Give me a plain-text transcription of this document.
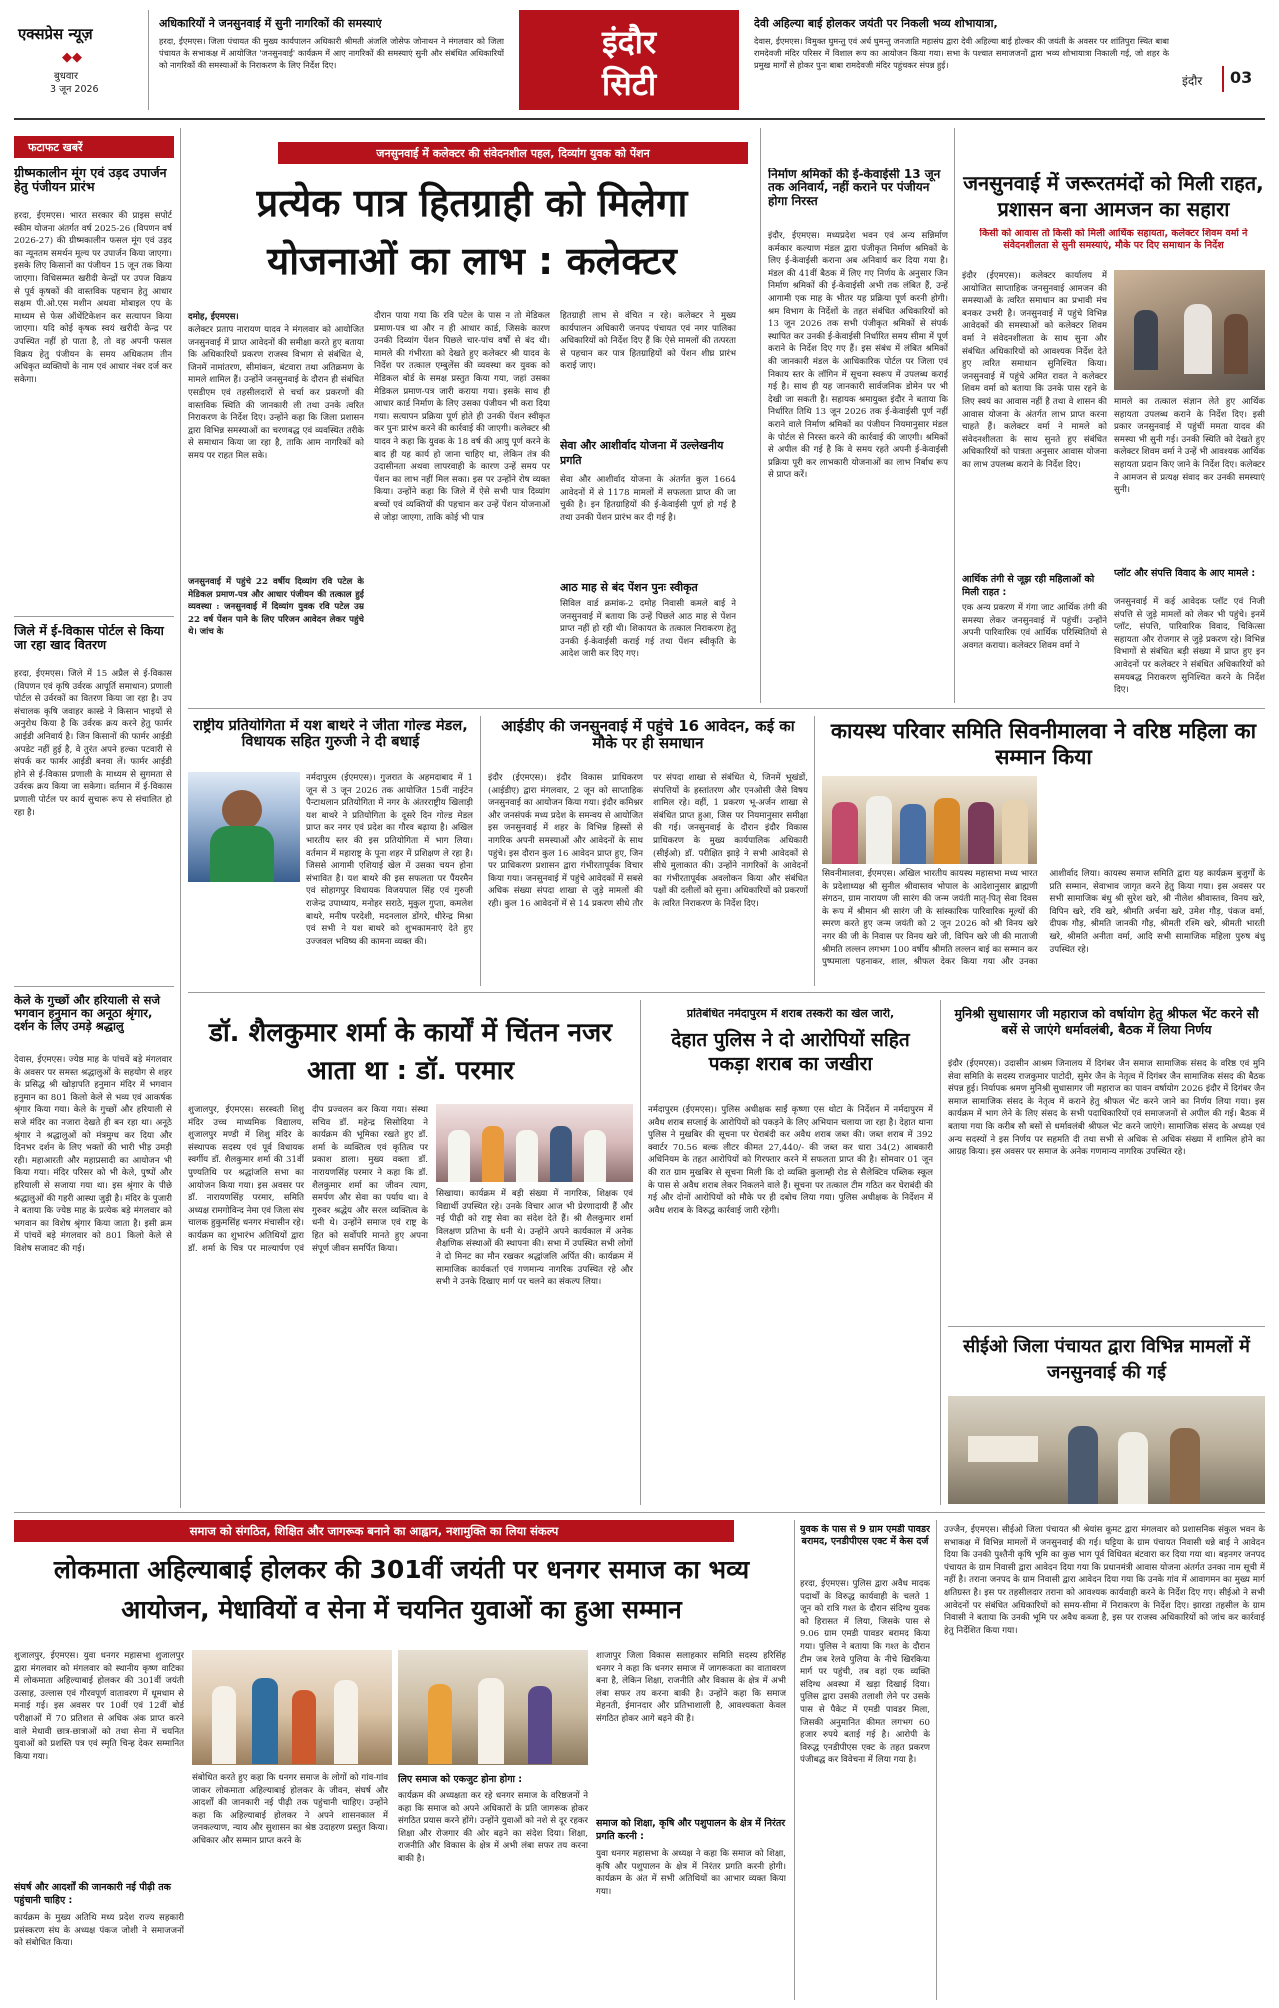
एक्सप्रेस न्यूज़
◆◆
बुधवार
3 जून 2026
अधिकारियों ने जनसुनवाई में सुनी नागरिकों की समस्याएं
हरदा, ईएमएस। जिला पंचायत की मुख्य कार्यपालन अधिकारी श्रीमती अंजलि जोसेफ जोनाथन ने मंगलवार को जिला पंचायत के सभाकक्ष में आयोजित 'जनसुनवाई' कार्यक्रम में आए नागरिकों की समस्याएं सुनी और संबंधित अधिकारियों को नागरिकों की समस्याओं के निराकरण के लिए निर्देश दिए।
इंदौर
सिटी
देवी अहिल्या बाई होलकर जयंती पर निकली भव्य शोभायात्रा,
देवास, ईएमएस। विमुक्त घुमन्तु एवं अर्ध घुमन्तु जनजाति महासंघ द्वारा देवी अहिल्या बाई होल्कर की जयंती के अवसर पर शांतिपुरा स्थित बाबा रामदेवजी मंदिर परिसर में विशाल रूप का आयोजन किया गया। सभा के पश्चात समाजजनों द्वारा भव्य शोभायात्रा निकाली गई, जो शहर के प्रमुख मार्गों से होकर पुनः बाबा रामदेवजी मंदिर पहुंचकर संपन्न हुई।
इंदौर 03
फटाफट खबरें
ग्रीष्मकालीन मूंग एवं उड़द उपार्जन हेतु पंजीयन प्रारंभ
हरदा, ईएमएस। भारत सरकार की प्राइस सपोर्ट स्कीम योजना अंतर्गत वर्ष 2025-26 (विपणन वर्ष 2026-27) की ग्रीष्मकालीन फसल मूंग एवं उड़द का न्यूनतम समर्थन मूल्य पर उपार्जन किया जाएगा। इसके लिए किसानों का पंजीयन 15 जून तक किया जाएगा। विधिसम्मत खरीदी केन्द्रों पर उपज विक्रय से पूर्व कृषकों की वास्तविक पहचान हेतु आधार सक्षम पी.ओ.एस मशीन अथवा मोबाइल एप के माध्यम से फेस ऑथेंटिकेशन कर सत्यापन किया जाएगा। यदि कोई कृषक स्वयं खरीदी केन्द्र पर उपस्थित नहीं हो पाता है, तो वह अपनी फसल विक्रय हेतु पंजीयन के समय अधिकतम तीन अधिकृत व्यक्तियों के नाम एवं आधार नंबर दर्ज कर सकेगा।
जिले में ई-विकास पोर्टल से किया जा रहा खाद वितरण
हरदा, ईएमएस। जिले में 15 अप्रैल से ई-विकास (विपणन एवं कृषि उर्वरक आपूर्ति समाधान) प्रणाली पोर्टल से उर्वरकों का वितरण किया जा रहा है। उप संचालक कृषि जवाहर कास्डे ने किसान भाइयों से अनुरोध किया है कि उर्वरक क्रय करने हेतु फार्मर आईडी अनिवार्य है। जिन किसानों की फार्मर आईडी अपडेट नहीं हुई है, वे तुरंत अपने हल्का पटवारी से संपर्क कर फार्मर आईडी बनवा लें। फार्मर आईडी होने से ई-विकास प्रणाली के माध्यम से सुगमता से उर्वरक क्रय किया जा सकेगा। वर्तमान में ई-विकास प्रणाली पोर्टल पर कार्य सुचारू रूप से संचालित हो रहा है।
केले के गुच्छों और हरियाली से सजे भगवान हनुमान का अनूठा श्रृंगार, दर्शन के लिए उमड़े श्रद्धालु
देवास, ईएमएस। ज्येष्ठ माह के पांचवें बड़े मंगलवार के अवसर पर समस्त श्रद्धालुओं के सहयोग से शहर के प्रसिद्ध श्री खोड़ापति हनुमान मंदिर में भगवान हनुमान का 801 किलो केले से भव्य एवं आकर्षक श्रृंगार किया गया। केले के गुच्छों और हरियाली से सजे मंदिर का नजारा देखते ही बन रहा था। अनूठे श्रृंगार ने श्रद्धालुओं को मंत्रमुग्ध कर दिया और दिनभर दर्शन के लिए भक्तों की भारी भीड़ उमड़ी रही। महाआरती और महाप्रसादी का आयोजन भी किया गया। मंदिर परिसर को भी केले, पुष्पों और हरियाली से सजाया गया था। इस श्रृंगार के पीछे श्रद्धालुओं की गहरी आस्था जुड़ी है। मंदिर के पुजारी ने बताया कि ज्येष्ठ माह के प्रत्येक बड़े मंगलवार को भगवान का विशेष श्रृंगार किया जाता है। इसी क्रम में पांचवें बड़े मंगलवार को 801 किलो केले से विशेष सजावट की गई।
जनसुनवाई में कलेक्टर की संवेदनशील पहल, दिव्यांग युवक को पेंशन
प्रत्येक पात्र हितग्राही को मिलेगा योजनाओं का लाभ : कलेक्टर
दमोह, ईएमएस।
कलेक्टर प्रताप नारायण यादव ने मंगलवार को आयोजित जनसुनवाई में प्राप्त आवेदनों की समीक्षा करते हुए बताया कि अधिकारियों प्रकरण राजस्व विभाग से संबंधित थे, जिनमें नामांतरण, सीमांकन, बंटवारा तथा अतिक्रमण के मामले शामिल हैं। उन्होंने जनसुनवाई के दौरान ही संबंधित एसडीएम एवं तहसीलदारों से चर्चा कर प्रकरणों की वास्तविक स्थिति की जानकारी ली तथा उनके त्वरित निराकरण के निर्देश दिए। उन्होंने कहा कि जिला प्रशासन द्वारा विभिन्न समस्याओं का चरणबद्ध एवं व्यवस्थित तरीके से समाधान किया जा रहा है, ताकि आम नागरिकों को समय पर राहत मिल सके।
जनसुनवाई में पहुंचे 22 वर्षीय दिव्यांग रवि पटेल के मेडिकल प्रमाण-पत्र और आधार पंजीयन की तत्काल हुई व्यवस्था : जनसुनवाई में दिव्यांग युवक रवि पटेल उम्र 22 वर्ष पेंशन पाने के लिए परिजन आवेदन लेकर पहुंचे थे। जांच के
दौरान पाया गया कि रवि पटेल के पास न तो मेडिकल प्रमाण-पत्र था और न ही आधार कार्ड, जिसके कारण उनकी दिव्यांग पेंशन पिछले चार-पांच वर्षों से बंद थी। मामले की गंभीरता को देखते हुए कलेक्टर श्री यादव के निर्देश पर तत्काल एम्बुलेंस की व्यवस्था कर युवक को मेडिकल बोर्ड के समक्ष प्रस्तुत किया गया, जहां उसका मेडिकल प्रमाण-पत्र जारी कराया गया। इसके साथ ही आधार कार्ड निर्माण के लिए उसका पंजीयन भी करा दिया गया। सत्यापन प्रक्रिया पूर्ण होते ही उनकी पेंशन स्वीकृत कर पुनः प्रारंभ करने की कार्रवाई की जाएगी। कलेक्टर श्री यादव ने कहा कि युवक के 18 वर्ष की आयु पूर्ण करने के बाद ही यह कार्य हो जाना चाहिए था, लेकिन तंत्र की उदासीनता अथवा लापरवाही के कारण उन्हें समय पर पेंशन का लाभ नहीं मिल सका। इस पर उन्होंने रोष व्यक्त किया। उन्होंने कहा कि जिले में ऐसे सभी पात्र दिव्यांग बच्चों एवं व्यक्तियों की पहचान कर उन्हें पेंशन योजनाओं से जोड़ा जाएगा, ताकि कोई भी पात्र
हितग्राही लाभ से वंचित न रहे। कलेक्टर ने मुख्य कार्यपालन अधिकारी जनपद पंचायत एवं नगर पालिका अधिकारियों को निर्देश दिए हैं कि ऐसे मामलों की तत्परता से पहचान कर पात्र हितग्राहियों को पेंशन शीघ्र प्रारंभ कराई जाए।
सेवा और आशीर्वाद योजना में उल्लेखनीय प्रगति
सेवा और आशीर्वाद योजना के अंतर्गत कुल 1664 आवेदनों में से 1178 मामलों में सफलता प्राप्त की जा चुकी है। इन हितग्राहियों की ई-केवाईसी पूर्ण हो गई है तथा उनकी पेंशन प्रारंभ कर दी गई है।
आठ माह से बंद पेंशन पुनः स्वीकृत
सिविल वार्ड क्रमांक-2 दमोह निवासी कमले बाई ने जनसुनवाई में बताया कि उन्हें पिछले आठ माह से पेंशन प्राप्त नहीं हो रही थी। शिकायत के तत्काल निराकरण हेतु उनकी ई-केवाईसी कराई गई तथा पेंशन स्वीकृति के आदेश जारी कर दिए गए।
निर्माण श्रमिकों की ई-केवाईसी 13 जून तक अनिवार्य, नहीं कराने पर पंजीयन होगा निरस्त
इंदौर, ईएमएस। मध्यप्रदेश भवन एवं अन्य सन्निर्माण कर्मकार कल्याण मंडल द्वारा पंजीकृत निर्माण श्रमिकों के लिए ई-केवाईसी कराना अब अनिवार्य कर दिया गया है। मंडल की 41वीं बैठक में लिए गए निर्णय के अनुसार जिन निर्माण श्रमिकों की ई-केवाईसी अभी तक लंबित हैं, उन्हें आगामी एक माह के भीतर यह प्रक्रिया पूर्ण करनी होगी। श्रम विभाग के निर्देशों के तहत संबंधित अधिकारियों को 13 जून 2026 तक सभी पंजीकृत श्रमिकों से संपर्क स्थापित कर उनकी ई-केवाईसी निर्धारित समय सीमा में पूर्ण कराने के निर्देश दिए गए हैं। इस संबंध में लंबित श्रमिकों की जानकारी मंडल के आधिकारिक पोर्टल पर जिला एवं निकाय स्तर के लॉगिन में सूचना स्वरूप में उपलब्ध कराई गई है। साथ ही यह जानकारी सार्वजनिक डोमेन पर भी देखी जा सकती है। सहायक श्रमायुक्त इंदौर ने बताया कि निर्धारित तिथि 13 जून 2026 तक ई-केवाईसी पूर्ण नहीं कराने वाले निर्माण श्रमिकों का पंजीयन नियमानुसार मंडल के पोर्टल से निरस्त करने की कार्रवाई की जाएगी। श्रमिकों से अपील की गई है कि वे समय रहते अपनी ई-केवाईसी प्रक्रिया पूरी कर लाभकारी योजनाओं का लाभ निर्बाध रूप से प्राप्त करें।
जनसुनवाई में जरूरतमंदों को मिली राहत, प्रशासन बना आमजन का सहारा
किसी को आवास तो किसी को मिली आर्थिक सहायता, कलेक्टर शिवम वर्मा ने संवेदनशीलता से सुनी समस्याएं, मौके पर दिए समाधान के निर्देश
इंदौर (ईएमएस)। कलेक्टर कार्यालय में आयोजित साप्ताहिक जनसुनवाई आमजन की समस्याओं के त्वरित समाधान का प्रभावी मंच बनकर उभरी है। जनसुनवाई में पहुंचे विभिन्न आवेदकों की समस्याओं को कलेक्टर शिवम वर्मा ने संवेदनशीलता के साथ सुना और संबंधित अधिकारियों को आवश्यक निर्देश देते हुए त्वरित समाधान सुनिश्चित किया। जनसुनवाई में पहुंचे अमित रावत ने कलेक्टर शिवम वर्मा को बताया कि उनके पास रहने के लिए स्वयं का आवास नहीं है तथा वे शासन की आवास योजना के अंतर्गत लाभ प्राप्त करना चाहते हैं। कलेक्टर वर्मा ने मामले को संवेदनशीलता के साथ सुनते हुए संबंधित अधिकारियों को पात्रता अनुसार आवास योजना का लाभ उपलब्ध कराने के निर्देश दिए।
आर्थिक तंगी से जूझ रही महिलाओं को मिली राहत :
एक अन्य प्रकरण में गंगा जाट आर्थिक तंगी की समस्या लेकर जनसुनवाई में पहुंचीं। उन्होंने अपनी पारिवारिक एवं आर्थिक परिस्थितियों से अवगत कराया। कलेक्टर शिवम वर्मा ने
मामले का तत्काल संज्ञान लेते हुए आर्थिक सहायता उपलब्ध कराने के निर्देश दिए। इसी प्रकार जनसुनवाई में पहुंचीं ममता यादव की समस्या भी सुनी गई। उनकी स्थिति को देखते हुए कलेक्टर शिवम वर्मा ने उन्हें भी आवश्यक आर्थिक सहायता प्रदान किए जाने के निर्देश दिए। कलेक्टर ने आमजन से प्रत्यक्ष संवाद कर उनकी समस्याएं सुनी।
प्लॉट और संपत्ति विवाद के आए मामले :
जनसुनवाई में कई आवेदक प्लॉट एवं निजी संपत्ति से जुड़े मामलों को लेकर भी पहुंचे। इनमें प्लॉट, संपत्ति, पारिवारिक विवाद, चिकित्सा सहायता और रोजगार से जुड़े प्रकरण रहे। विभिन्न विभागों से संबंधित बड़ी संख्या में प्राप्त हुए इन आवेदनों पर कलेक्टर ने संबंधित अधिकारियों को समयबद्ध निराकरण सुनिश्चित करने के निर्देश दिए।
राष्ट्रीय प्रतियोगिता में यश बाथरे ने जीता गोल्ड मेडल, विधायक सहित गुरुजी ने दी बधाई
नर्मदापुरम (ईएमएस)। गुजरात के अहमदाबाद में 1 जून से 3 जून 2026 तक आयोजित 15वीं नाईटेन पैन्टाथलान प्रतियोगिता में नगर के अंतरराष्ट्रीय खिलाड़ी यश बाथरे ने प्रतियोगिता के दूसरे दिन गोल्ड मेडल प्राप्त कर नगर एवं प्रदेश का गौरव बढ़ाया है। अखिल भारतीय स्तर की इस प्रतियोगिता में भाग लिया। वर्तमान में महाराष्ट्र के पूना शहर में प्रशिक्षण ले रहा है। जिससे आगामी एशियाई खेल में उसका चयन होना संभावित है। यश बाथरे की इस सफलता पर पैंयरमैन एवं सोहागपुर विधायक विजयपाल सिंह एवं गुरुजी राजेन्द्र उपाध्याय, मनोहर सराठे, मुकुल गुप्ता, कमलेश बाथरे, मनीष परदेशी, मदनलाल डोंगरे, धीरेन्द्र मिश्रा एवं सभी ने यश बाथरे को शुभकामनाएं देते हुए उज्जवल भविष्य की कामना व्यक्त की।
आईडीए की जनसुनवाई में पहुंचे 16 आवेदन, कई का मौके पर ही समाधान
इंदौर (ईएमएस)। इंदौर विकास प्राधिकरण (आईडीए) द्वारा मंगलवार, 2 जून को साप्ताहिक जनसुनवाई का आयोजन किया गया। इंदौर कमिश्नर और जनसंपर्क मध्य प्रदेश के समन्वय से आयोजित इस जनसुनवाई में शहर के विभिन्न हिस्सों से नागरिक अपनी समस्याओं और आवेदनों के साथ पहुंचे। इस दौरान कुल 16 आवेदन प्राप्त हुए, जिन पर प्राधिकरण प्रशासन द्वारा गंभीरतापूर्वक विचार किया गया। जनसुनवाई में पहुंचे आवेदकों में सबसे अधिक संख्या संपदा शाखा से जुड़े मामलों की रही। कुल 16 आवेदनों में से 14 प्रकरण सीधे तौर पर संपदा शाखा से संबंधित थे, जिनमें भूखंडों, संपत्तियों के हस्तांतरण और एनओसी जैसे विषय शामिल रहे। वहीं, 1 प्रकरण भू-अर्जन शाखा से संबंधित प्राप्त हुआ, जिस पर नियमानुसार समीक्षा की गई। जनसुनवाई के दौरान इंदौर विकास प्राधिकरण के मुख्य कार्यपालिक अधिकारी (सीईओ) डॉ. परीक्षित झाड़े ने सभी आवेदकों से सीधे मुलाकात की। उन्होंने नागरिकों के आवेदनों का गंभीरतापूर्वक अवलोकन किया और संबंधित पक्षों की दलीलों को सुना। अधिकारियों को प्रकरणों के त्वरित निराकरण के निर्देश दिए।
कायस्थ परिवार समिति सिवनीमालवा ने वरिष्ठ महिला का सम्मान किया
सिवनीमालवा, ईएमएस। अखिल भारतीय कायस्थ महासभा मध्य भारत के प्रदेशाध्यक्ष श्री सुनील श्रीवास्तव भोपाल के आदेशानुसार ब्राह्मणी संगठन, ग्राम नारायण जी सारंग की जन्म जयंती मातृ-पितृ सेवा दिवस के रूप में श्रीमान श्री सारंग जी के सांस्कारिक पारिवारिक मूल्यों की स्मरण करते हुए जन्म जयंती को 2 जून 2026 को श्री विनय खरे नगर की जी के निवास पर विनय खरे जी, विपिन खरे जी की माताजी श्रीमति लल्लन लगभग 100 वर्षीय श्रीमति लल्लन बाई का सम्मान कर पुष्पमाला पहनाकर, शाल, श्रीफल देकर किया गया और उनका आशीर्वाद लिया। कायस्थ समाज समिति द्वारा यह कार्यक्रम बुजुर्गों के प्रति सम्मान, सेवाभाव जागृत करने हेतु किया गया। इस अवसर पर सभी सामाजिक बंधु श्री सुरेश खरे, श्री नीलेश श्रीवास्तव, विनय खरे, विपिन खरे, रवि खरे, श्रीमति अर्चना खरे, उमेश गौड़, पंकज वर्मा, दीपक गौड़, श्रीमति जानकी गौड़, श्रीमती रश्मि खरे, श्रीमती भारती खरे, श्रीमति अनीता वर्मा, आदि सभी सामाजिक महिला पुरुष बंधु उपस्थित रहे।
डॉ. शैलकुमार शर्मा के कार्यों में चिंतन नजर आता था : डॉ. परमार
शुजालपुर, ईएमएस। सरस्वती शिशु मंदिर उच्च माध्यमिक विद्यालय, शुजालपुर मण्डी में शिशु मंदिर के संस्थापक सदस्य एवं पूर्व विधायक स्वर्गीय डॉ. शैलकुमार शर्मा की 31वीं पुण्यतिथि पर श्रद्धांजलि सभा का आयोजन किया गया। इस अवसर पर डॉ. नारायणसिंह परमार, समिति अध्यक्ष रामगोविन्द नेमा एवं जिला संघ चालक हुकुमसिंह धनगर मंचासीन रहे। कार्यक्रम का शुभारंभ अतिथियों द्वारा डॉ. शर्मा के चित्र पर माल्यार्पण एवं दीप प्रज्वलन कर किया गया। संस्था सचिव डॉ. महेन्द्र सिसोदिया ने कार्यक्रम की भूमिका रखते हुए डॉ. शर्मा के व्यक्तित्व एवं कृतित्व पर प्रकाश डाला। मुख्य वक्ता डॉ. नारायणसिंह परमार ने कहा कि डॉ. शैलकुमार शर्मा का जीवन त्याग, समर्पण और सेवा का पर्याय था। वे गुरुवर श्रद्धेय और सरल व्यक्तित्व के धनी थे। उन्होंने समाज एवं राष्ट्र के हित को सर्वोपरि मानते हुए अपना संपूर्ण जीवन समर्पित किया।
सिखाया। कार्यक्रम में बड़ी संख्या में नागरिक, शिक्षक एवं विद्यार्थी उपस्थित रहे। उनके विचार आज भी प्रेरणादायी हैं और नई पीढ़ी को राष्ट्र सेवा का संदेश देते हैं। श्री शैलकुमार शर्मा विलक्षण प्रतिभा के धनी थे। उन्होंने अपने कार्यकाल में अनेक शैक्षणिक संस्थाओं की स्थापना की। सभा में उपस्थित सभी लोगों ने दो मिनट का मौन रखकर श्रद्धांजलि अर्पित की। कार्यक्रम में सामाजिक कार्यकर्ता एवं गणमान्य नागरिक उपस्थित रहे और सभी ने उनके दिखाए मार्ग पर चलने का संकल्प लिया।
प्रतिबंधित नर्मदापुरम में शराब तस्करी का खेल जारी,
देहात पुलिस ने दो आरोपियों सहित पकड़ा शराब का जखीरा
नर्मदापुरम (ईएमएस)। पुलिस अधीक्षक साईं कृष्णा एस थोटा के निर्देशन में नर्मदापुरम में अवैध शराब सप्लाई के आरोपियों को पकड़ने के लिए अभियान चलाया जा रहा है। देहात थाना पुलिस ने मुखबिर की सूचना पर घेराबंदी कर अवैध शराब जब्त की। जब्त शराब में 392 क्वार्टर 70.56 बल्क लीटर कीमत 27,440/- की जब्त कर धारा 34(2) आबकारी अधिनियम के तहत आरोपियों को गिरफ्तार करने में सफलता प्राप्त की है। सोमवार 01 जून की रात ग्राम मुखबिर से सूचना मिली कि दो व्यक्ति कुलाम्ही रोड से सैलेक्टिव पब्लिक स्कूल के पास से अवैध शराब लेकर निकलने वाले हैं। सूचना पर तत्काल टीम गठित कर घेराबंदी की गई और दोनों आरोपियों को मौके पर ही दबोच लिया गया। पुलिस अधीक्षक के निर्देशन में अवैध शराब के विरुद्ध कार्रवाई जारी रहेगी।
मुनिश्री सुधासागर जी महाराज को वर्षायोग हेतु श्रीफल भेंट करने सौ बसें से जाएंगे धर्मावलंबी, बैठक में लिया निर्णय
इंदौर (ईएमएस)। उदासीन आश्रम जिनालय में दिगंबर जैन समाज सामाजिक संसद के वरिष्ठ एवं मुनि सेवा समिति के सदस्य राजकुमार पाटोदी, सुमेर जैन के नेतृत्व में दिगंबर जैन सामाजिक संसद की बैठक संपन्न हुई। निर्यापक श्रमण मुनिश्री सुधासागर जी महाराज का पावन वर्षायोग 2026 इंदौर में दिगंबर जैन समाज सामाजिक संसद के नेतृत्व में कराने हेतु श्रीफल भेंट करने जाने का निर्णय लिया गया। इस कार्यक्रम में भाग लेने के लिए संसद के सभी पदाधिकारियों एवं समाजजनों से अपील की गई। बैठक में बताया गया कि करीब सौ बसों से धर्मावलंबी श्रीफल भेंट करने जाएंगे। सामाजिक संसद के अध्यक्ष एवं अन्य सदस्यों ने इस निर्णय पर सहमति दी तथा सभी से अधिक से अधिक संख्या में शामिल होने का आग्रह किया। इस अवसर पर समाज के अनेक गणमान्य नागरिक उपस्थित रहे।
सीईओ जिला पंचायत द्वारा विभिन्न मामलों में जनसुनवाई की गई
समाज को संगठित, शिक्षित और जागरूक बनाने का आह्वान, नशामुक्ति का लिया संकल्प
लोकमाता अहिल्याबाई होलकर की 301वीं जयंती पर धनगर समाज का भव्य आयोजन, मेधावियों व सेना में चयनित युवाओं का हुआ सम्मान
शुजालपुर, ईएमएस। युवा धनगर महासभा शुजालपुर द्वारा मंगलवार को मंगलवार को स्थानीय कृष्ण वाटिका में लोकमाता अहिल्याबाई होलकर की 301वीं जयंती उत्साह, उल्लास एवं गौरवपूर्ण वातावरण में धूमधाम से मनाई गई। इस अवसर पर 10वीं एवं 12वीं बोर्ड परीक्षाओं में 70 प्रतिशत से अधिक अंक प्राप्त करने वाले मेधावी छात्र-छात्राओं को तथा सेना में चयनित युवाओं को प्रशस्ति पत्र एवं स्मृति चिन्ह देकर सम्मानित किया गया।
संघर्ष और आदर्शों की जानकारी नई पीढ़ी तक पहुंचानी चाहिए :
कार्यक्रम के मुख्य अतिथि मध्य प्रदेश राज्य सहकारी प्रसंस्करण संघ के अध्यक्ष पंकज जोशी ने समाजजनों को संबोधित किया।
संबोधित करते हुए कहा कि धनगर समाज के लोगों को गांव-गांव जाकर लोकमाता अहिल्याबाई होलकर के जीवन, संघर्ष और आदर्शों की जानकारी नई पीढ़ी तक पहुंचानी चाहिए। उन्होंने कहा कि अहिल्याबाई होलकर ने अपने शासनकाल में जनकल्याण, न्याय और सुशासन का श्रेष्ठ उदाहरण प्रस्तुत किया। अधिकार और सम्मान प्राप्त करने के
लिए समाज को एकजुट होना होगा :
कार्यक्रम की अध्यक्षता कर रहे धनगर समाज के वरिष्ठजनों ने कहा कि समाज को अपने अधिकारों के प्रति जागरूक होकर संगठित प्रयास करने होंगे। उन्होंने युवाओं को नशे से दूर रहकर शिक्षा और रोजगार की ओर बढ़ने का संदेश दिया। शिक्षा, राजनीति और विकास के क्षेत्र में अभी लंबा सफर तय करना बाकी है।
शाजापुर जिला विकास सलाहकार समिति सदस्य हरिसिंह धनगर ने कहा कि धनगर समाज में जागरूकता का वातावरण बना है, लेकिन शिक्षा, राजनीति और विकास के क्षेत्र में अभी लंबा सफर तय करना बाकी है। उन्होंने कहा कि समाज मेहनती, ईमानदार और प्रतिभाशाली है, आवश्यकता केवल संगठित होकर आगे बढ़ने की है।
समाज को शिक्षा, कृषि और पशुपालन के क्षेत्र में निरंतर प्रगति करनी :
युवा धनगर महासभा के अध्यक्ष ने कहा कि समाज को शिक्षा, कृषि और पशुपालन के क्षेत्र में निरंतर प्रगति करनी होगी। कार्यक्रम के अंत में सभी अतिथियों का आभार व्यक्त किया गया।
युवक के पास से 9 ग्राम एमडी पावडर बरामद, एनडीपीएस एक्ट में केस दर्ज
हरदा, ईएमएस। पुलिस द्वारा अवैध मादक पदार्थों के विरुद्ध कार्यवाही के चलते 1 जून को रात्रि गश्त के दौरान संदिग्ध युवक को हिरासत में लिया, जिसके पास से 9.06 ग्राम एमडी पावडर बरामद किया गया। पुलिस ने बताया कि गश्त के दौरान टीम जब रेलवे पुलिया के नीचे खिरकिया मार्ग पर पहुंची, तब वहां एक व्यक्ति संदिग्ध अवस्था में खड़ा दिखाई दिया। पुलिस द्वारा उसकी तलाशी लेने पर उसके पास से पैकेट में एमडी पावडर मिला, जिसकी अनुमानित कीमत लगभग 60 हजार रुपये बताई गई है। आरोपी के विरुद्ध एनडीपीएस एक्ट के तहत प्रकरण पंजीबद्ध कर विवेचना में लिया गया है।
उज्जैन, ईएमएस। सीईओ जिला पंचायत श्री श्रेयांस कूमट द्वारा मंगलवार को प्रशासनिक संकुल भवन के सभाकक्ष में विभिन्न मामलों में जनसुनवाई की गई। घट्टिया के ग्राम पंचायत निवासी धन्ने बाई ने आवेदन दिया कि उनकी पुश्तैनी कृषि भूमि का कुछ भाग पूर्व विधिवत बंटवारा कर दिया गया था। बड़नगर जनपद पंचायत के ग्राम निवासी द्वारा आवेदन दिया गया कि प्रधानमंत्री आवास योजना अंतर्गत उनका नाम सूची में नहीं है। तराना जनपद के ग्राम निवासी द्वारा आवेदन दिया गया कि उनके गांव में आवागमन का मुख्य मार्ग क्षतिग्रस्त है। इस पर तहसीलदार तराना को आवश्यक कार्यवाही करने के निर्देश दिए गए। सीईओ ने सभी आवेदनों पर संबंधित अधिकारियों को समय-सीमा में निराकरण के निर्देश दिए। झारडा तहसील के ग्राम निवासी ने बताया कि उनकी भूमि पर अवैध कब्जा है, इस पर राजस्व अधिकारियों को जांच कर कार्रवाई हेतु निर्देशित किया गया।
